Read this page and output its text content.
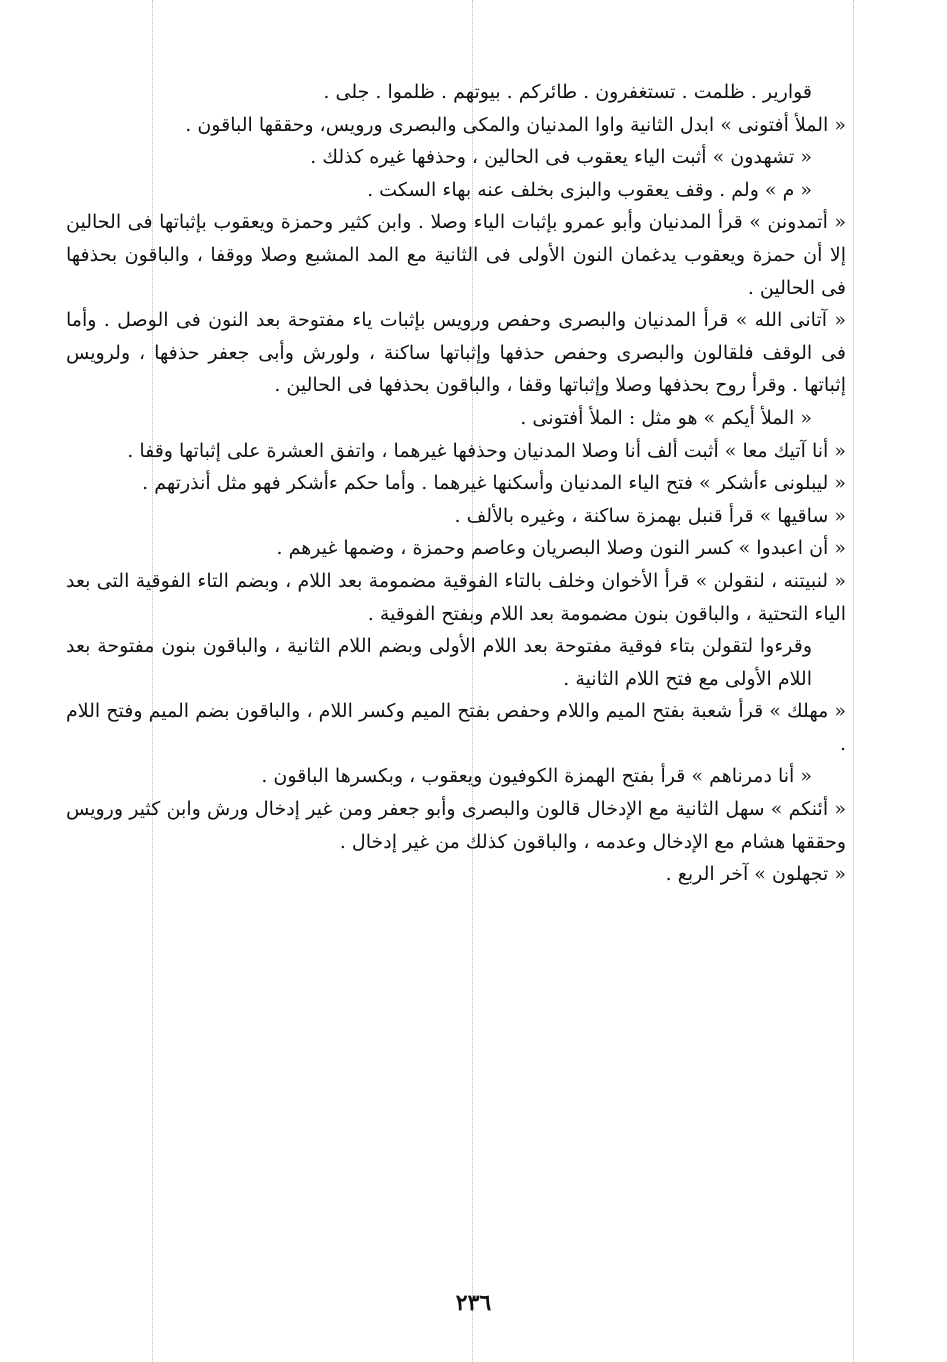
قوارير . ظلمت . تستغفرون . طائركم . بيوتهم . ظلموا . جلى .

« الملأ أفتونى » ابدل الثانية واوا المدنيان والمكى والبصرى ورويس، وحققها الباقون .

« تشهدون » أثبت الياء يعقوب فى الحالين ، وحذفها غيره كذلك .

« م » ولم . وقف يعقوب والبزى بخلف عنه بهاء السكت .

« أتمدونن » قرأ المدنيان وأبو عمرو بإثبات الياء وصلا . وابن كثير وحمزة ويعقوب بإثباتها فى الحالين إلا أن حمزة ويعقوب يدغمان النون الأولى فى الثانية مع المد المشبع وصلا ووقفا ، والباقون بحذفها فى الحالين .

« آتانى الله » قرأ المدنيان والبصرى وحفص ورويس بإثبات ياء مفتوحة بعد النون فى الوصل . وأما فى الوقف فلقالون والبصرى وحفص حذفها وإثباتها ساكنة ، ولورش وأبى جعفر حذفها ، ولرويس إثباتها . وقرأ روح بحذفها وصلا وإثباتها وقفا ، والباقون بحذفها فى الحالين .

« الملأ أيكم » هو مثل : الملأ أفتونى .

« أنا آتيك معا » أثبت ألف أنا وصلا المدنيان وحذفها غيرهما ، واتفق العشرة على إثباتها وقفا .

« ليبلونى ءأشكر » فتح الياء المدنيان وأسكنها غيرهما . وأما حكم ءأشكر فهو مثل أنذرتهم .

« ساقيها » قرأ قنبل بهمزة ساكنة ، وغيره بالألف .

« أن اعبدوا » كسر النون وصلا البصريان وعاصم وحمزة ، وضمها غيرهم .

« لنبيتنه ، لنقولن » قرأ الأخوان وخلف بالتاء الفوقية مضمومة بعد اللام ، وبضم التاء الفوقية التى بعد الياء التحتية ، والباقون بنون مضمومة بعد اللام وبفتح الفوقية .

وقرءوا لتقولن بتاء فوقية مفتوحة بعد اللام الأولى وبضم اللام الثانية ، والباقون بنون مفتوحة بعد اللام الأولى مع فتح اللام الثانية .

« مهلك » قرأ شعبة بفتح الميم واللام وحفص بفتح الميم وكسر اللام ، والباقون بضم الميم وفتح اللام .

« أنا دمرناهم » قرأ بفتح الهمزة الكوفيون ويعقوب ، وبكسرها الباقون .

« أئنكم » سهل الثانية مع الإدخال قالون والبصرى وأبو جعفر ومن غير إدخال ورش وابن كثير ورويس وحققها هشام مع الإدخال وعدمه ، والباقون كذلك من غير إدخال .

« تجهلون » آخر الربع .

٢٣٦
